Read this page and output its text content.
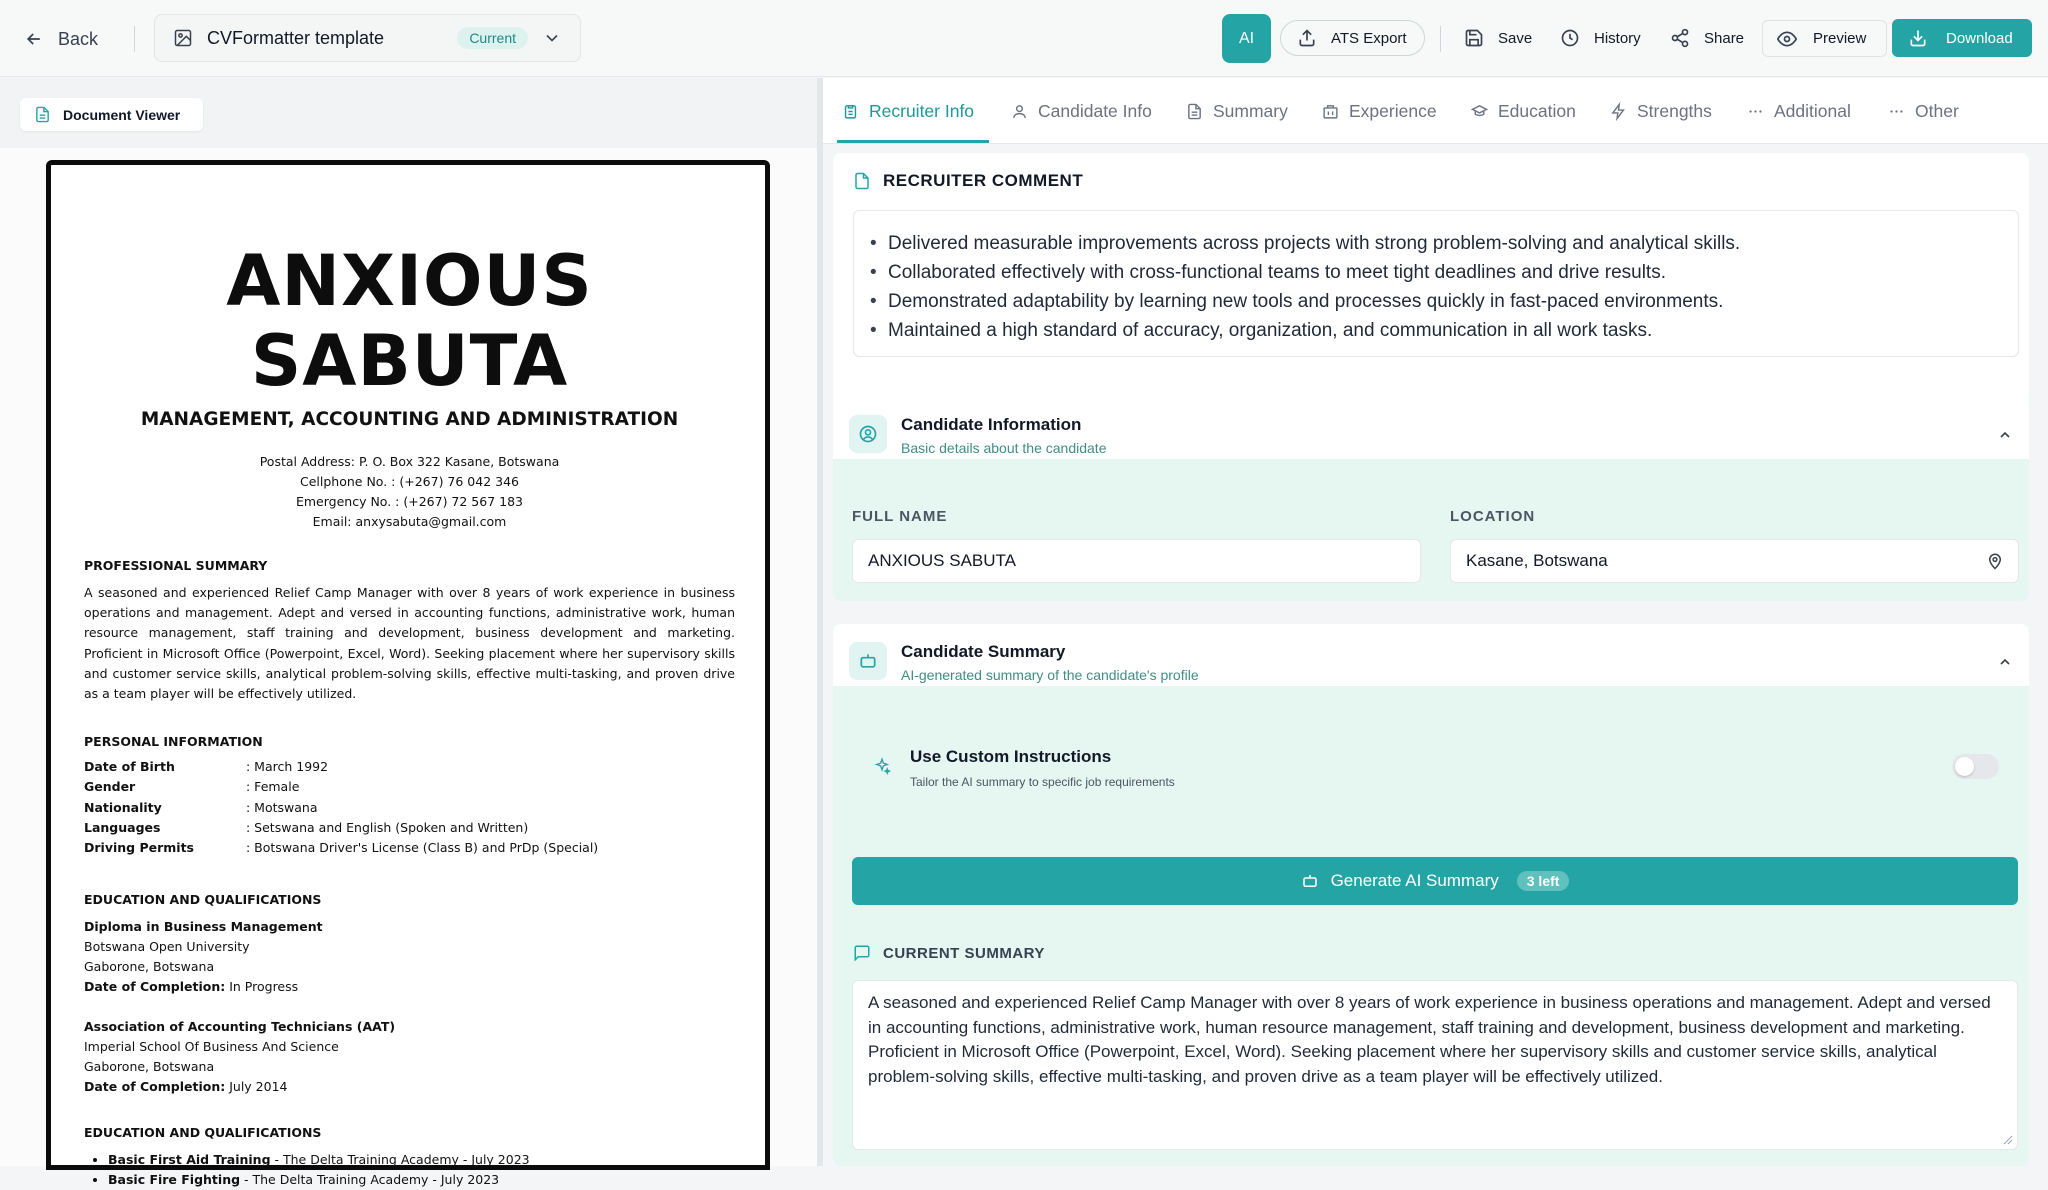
Back	CVFormatter template	Current	AI	ATS Export	Save	History	Share	Preview	Download
Document Viewer
ANXIOUS SABUTA
MANAGEMENT, ACCOUNTING AND ADMINISTRATION
Postal Address: P. O. Box 322 Kasane, Botswana
Cellphone No. : (+267) 76 042 346
Emergency No. : (+267) 72 567 183
Email: anxysabuta@gmail.com
PROFESSIONAL SUMMARY

A seasoned and experienced Relief Camp Manager with over 8 years of work experience in business operations and management. Adept and versed in accounting functions, administrative work, human resource management, staff training and development, business development and marketing. Proficient in Microsoft Office (Powerpoint, Excel, Word). Seeking placement where her supervisory skills and customer service skills, analytical problem-solving skills, effective multi-tasking, and proven drive as a team player will be effectively utilized.

PERSONAL INFORMATION
Date of Birth	: March 1992
Gender	: Female
Nationality	: Motswana
Languages	: Setswana and English (Spoken and Written)
Driving Permits	: Botswana Driver's License (Class B) and PrDp (Special)
EDUCATION AND QUALIFICATIONS
Diploma in Business Management
Botswana Open University
Gaborone, Botswana
Date of Completion: In Progress
Association of Accounting Technicians (AAT)
Imperial School Of Business And Science
Gaborone, Botswana
Date of Completion: July 2014
EDUCATION AND QUALIFICATIONS
• Basic First Aid Training - The Delta Training Academy - July 2023
• Basic Fire Fighting - The Delta Training Academy - July 2023
Recruiter Info	Candidate Info	Summary	Experience	Education	Strengths	Additional	Other
RECRUITER COMMENT
• Delivered measurable improvements across projects with strong problem-solving and analytical skills.
• Collaborated effectively with cross-functional teams to meet tight deadlines and drive results.
• Demonstrated adaptability by learning new tools and processes quickly in fast-paced environments.
• Maintained a high standard of accuracy, organization, and communication in all work tasks.
Candidate Information
Basic details about the candidate
FULL NAME
ANXIOUS SABUTA
LOCATION
Kasane, Botswana
Candidate Summary
AI-generated summary of the candidate's profile
Use Custom Instructions
Tailor the AI summary to specific job requirements
Generate AI Summary	3 left
CURRENT SUMMARY
A seasoned and experienced Relief Camp Manager with over 8 years of work experience in business operations and management. Adept and versed in accounting functions, administrative work, human resource management, staff training and development, business development and marketing. Proficient in Microsoft Office (Powerpoint, Excel, Word). Seeking placement where her supervisory skills and customer service skills, analytical problem-solving skills, effective multi-tasking, and proven drive as a team player will be effectively utilized.
